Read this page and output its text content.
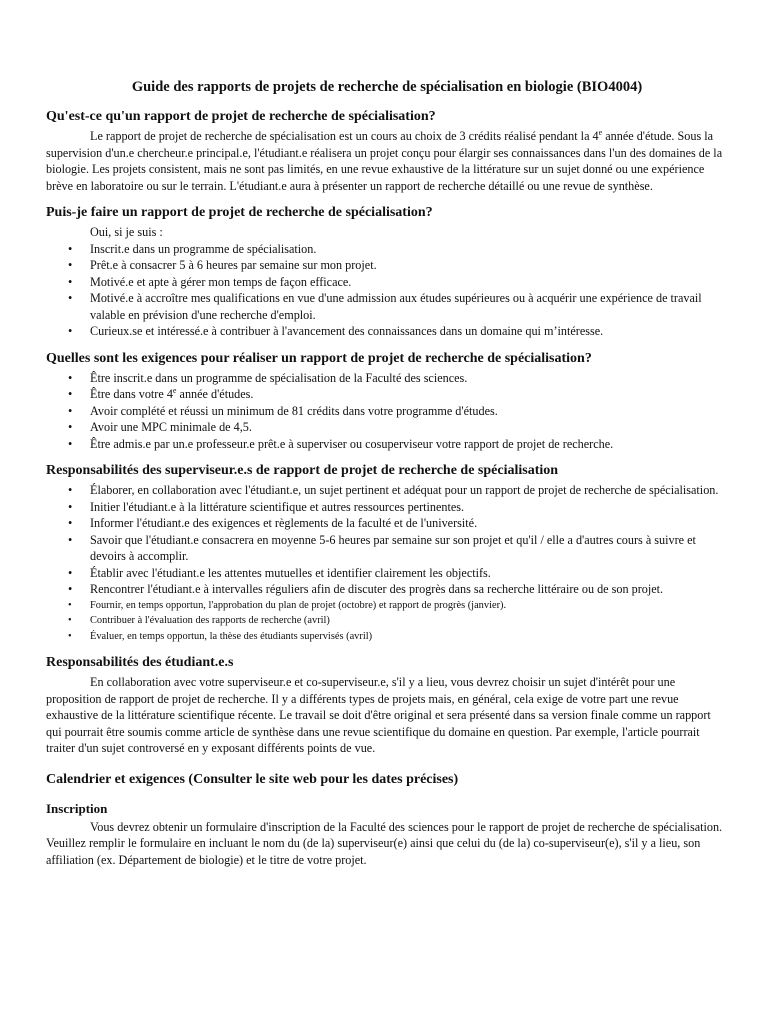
Guide des rapports de projets de recherche de spécialisation en biologie (BIO4004)
Qu'est-ce qu'un rapport de projet de recherche de spécialisation?

Le rapport de projet de recherche de spécialisation est un cours au choix de 3 crédits réalisé pendant la 4e année d'étude. Sous la supervision d'un.e chercheur.e principal.e, l'étudiant.e réalisera un projet conçu pour élargir ses connaissances dans l'un des domaines de la biologie. Les projets consistent, mais ne sont pas limités, en une revue exhaustive de la littérature sur un sujet donné ou une expérience brève en laboratoire ou sur le terrain. L'étudiant.e aura à présenter un rapport de recherche détaillé ou une revue de synthèse.

Puis-je faire un rapport de projet de recherche de spécialisation?
Oui, si je suis :
• Inscrit.e dans un programme de spécialisation.
• Prêt.e à consacrer 5 à 6 heures par semaine sur mon projet.
• Motivé.e et apte à gérer mon temps de façon efficace.
• Motivé.e à accroître mes qualifications en vue d'une admission aux études supérieures ou à acquérir une expérience de travail valable en prévision d'une recherche d'emploi.
• Curieux.se et intéressé.e à contribuer à l'avancement des connaissances dans un domaine qui m’intéresse.
Quelles sont les exigences pour réaliser un rapport de projet de recherche de spécialisation?
• Être inscrit.e dans un programme de spécialisation de la Faculté des sciences.
• Être dans votre 4e année d'études.
• Avoir complété et réussi un minimum de 81 crédits dans votre programme d'études.
• Avoir une MPC minimale de 4,5.
• Être admis.e par un.e professeur.e prêt.e à superviser ou cosuperviseur votre rapport de projet de recherche.
Responsabilités des superviseur.e.s de rapport de projet de recherche de spécialisation
• Élaborer, en collaboration avec l'étudiant.e, un sujet pertinent et adéquat pour un rapport de projet de recherche de spécialisation.
• Initier l'étudiant.e à la littérature scientifique et autres ressources pertinentes.
• Informer l'étudiant.e des exigences et règlements de la faculté et de l'université.
• Savoir que l'étudiant.e consacrera en moyenne 5-6 heures par semaine sur son projet et qu'il / elle a d'autres cours à suivre et devoirs à accomplir.
• Établir avec l'étudiant.e les attentes mutuelles et identifier clairement les objectifs.
• Rencontrer l'étudiant.e à intervalles réguliers afin de discuter des progrès dans sa recherche littéraire ou de son projet.
• Fournir, en temps opportun, l'approbation du plan de projet (octobre) et rapport de progrès (janvier).
• Contribuer à l'évaluation des rapports de recherche (avril)
• Évaluer, en temps opportun, la thèse des étudiants supervisés (avril)
Responsabilités des étudiant.e.s

En collaboration avec votre superviseur.e et co-superviseur.e, s'il y a lieu, vous devrez choisir un sujet d'intérêt pour une proposition de rapport de projet de recherche. Il y a différents types de projets mais, en général, cela exige de votre part une revue exhaustive de la littérature scientifique récente. Le travail se doit d'être original et sera présenté dans sa version finale comme un rapport qui pourrait être soumis comme article de synthèse dans une revue scientifique du domaine en question. Par exemple, l'article pourrait traiter d'un sujet controversé en y exposant différents points de vue.

Calendrier et exigences (Consulter le site web pour les dates précises)
Inscription

Vous devrez obtenir un formulaire d'inscription de la Faculté des sciences pour le rapport de projet de recherche de spécialisation. Veuillez remplir le formulaire en incluant le nom du (de la) superviseur(e) ainsi que celui du (de la) co-superviseur(e), s'il y a lieu, son affiliation (ex. Département de biologie) et le titre de votre projet.
